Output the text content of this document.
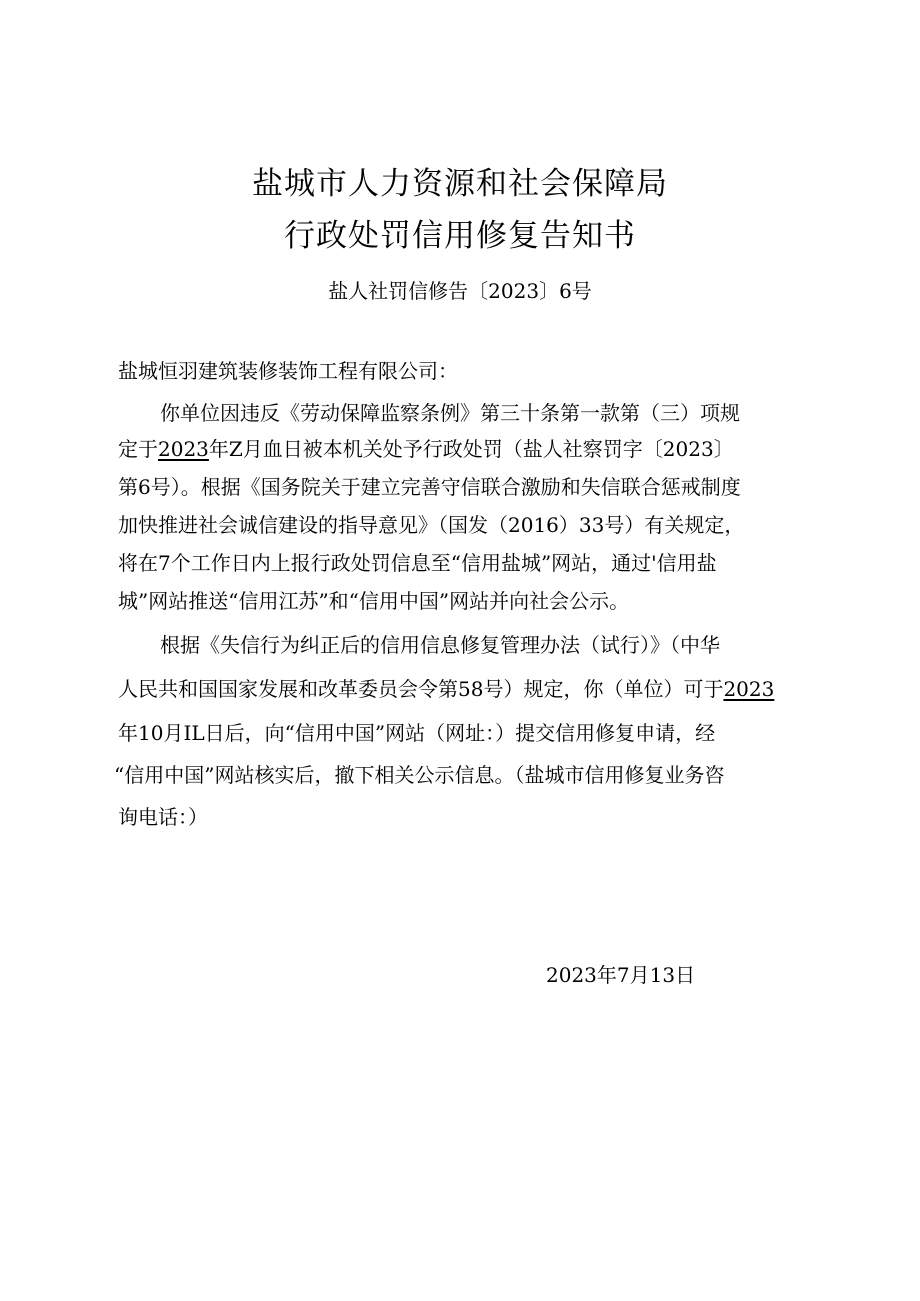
盐城市人力资源和社会保障局
行政处罚信用修复告知书
盐人社罚信修告〔2023〕6号
盐城恒羽建筑装修装饰工程有限公司：
你单位因违反《劳动保障监察条例》第三十条第一款第（三）项规
定于2023年Z月血日被本机关处予行政处罚（盐人社察罚字〔2023〕
第6号）。根据《国务院关于建立完善守信联合激励和失信联合惩戒制度
加快推进社会诚信建设的指导意见》（国发（2016）33号）有关规定，
将在7个工作日内上报行政处罚信息至“信用盐城”网站，通过'信用盐
城”网站推送“信用江苏”和“信用中国”网站并向社会公示。
根据《失信行为纠正后的信用信息修复管理办法（试行）》（中华
人民共和国国家发展和改革委员会令第58号）规定，你（单位）可于2023
年10月IL日后，向“信用中国”网站（网址：）提交信用修复申请，经
“信用中国”网站核实后，撤下相关公示信息。（盐城市信用修复业务咨
询电话：）
2023年7月13日
